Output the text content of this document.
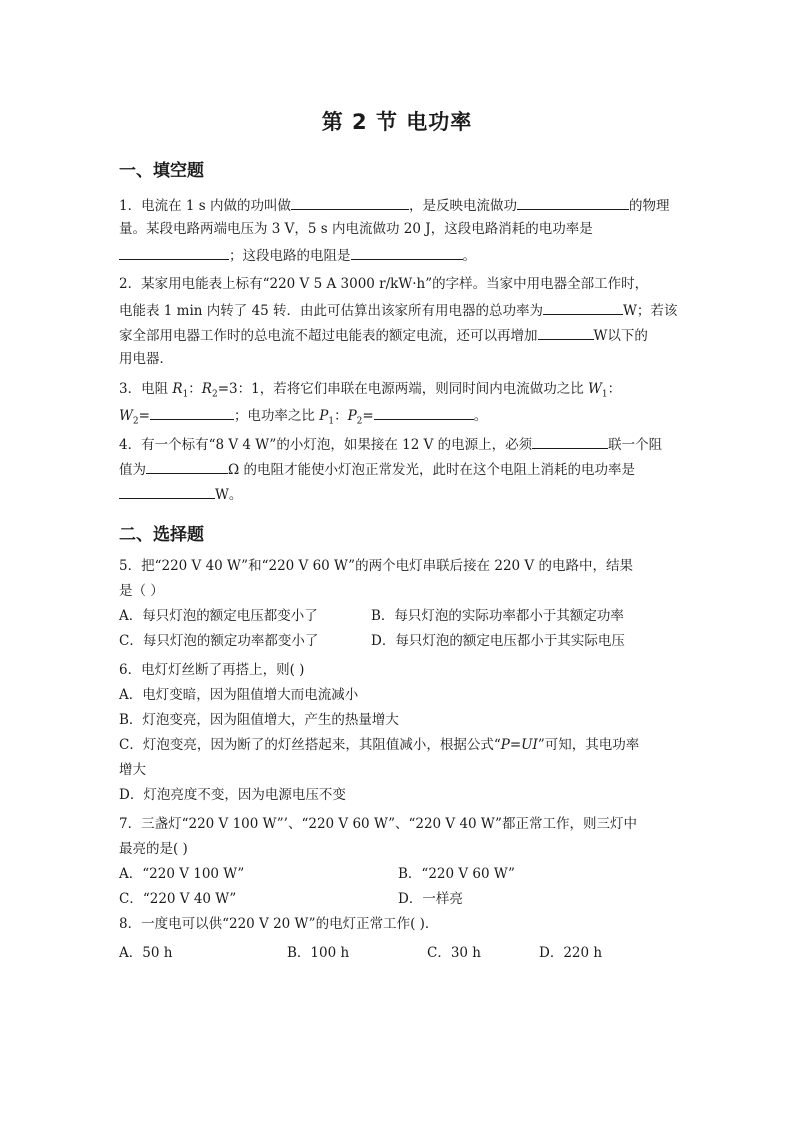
第 2 节 电功率
一、填空题
1．电流在 1 s 内做的功叫做	，是反映电流做功	的物理
量。某段电路两端电压为 3 V，5 s 内电流做功 20 J，这段电路消耗的电功率是
；这段电路的电阻是	。
2．某家用电能表上标有“220 V 5 A 3000 r/kW·h”的字样。当家中用电器全部工作时，
电能表 1 min 内转了 45 转．由此可估算出该家所有用电器的总功率为	W；若该
家全部用电器工作时的总电流不超过电能表的额定电流，还可以再增加	W以下的
用电器．
3．电阻 $R_1$：$R_2=3$：1，若将它们串联在电源两端，则同时间内电流做功之比 $W_1$：
$W_2=$	；电功率之比 $P_1$：$P_2=$	。
4．有一个标有“8 V 4 W”的小灯泡，如果接在 12 V 的电源上，必须	联一个阻
值为	Ω 的电阻才能使小灯泡正常发光，此时在这个电阻上消耗的电功率是
W。
二、选择题
5．把“220 V 40 W”和“220 V 60 W”的两个电灯串联后接在 220 V 的电路中，结果
是（ ）
A．每只灯泡的额定电压都变小了	B．每只灯泡的实际功率都小于其额定功率
C．每只灯泡的额定功率都变小了	D．每只灯泡的额定电压都小于其实际电压
6．电灯灯丝断了再搭上，则( )
A．电灯变暗，因为阻值增大而电流减小
B．灯泡变亮，因为阻值增大，产生的热量增大
C．灯泡变亮，因为断了的灯丝搭起来，其阻值减小，根据公式“P=UI”可知，其电功率
增大
D．灯泡亮度不变，因为电源电压不变
7．三盏灯“220 V 100 W”’、“220 V 60 W”、“220 V 40 W”都正常工作，则三灯中
最亮的是( )
A．“220 V 100 W”	B．“220 V 60 W”
C．“220 V 40 W”	D．一样亮
8．一度电可以供“220 V 20 W”的电灯正常工作( )．
A．50 h	B．100 h	C．30 h	D．220 h
